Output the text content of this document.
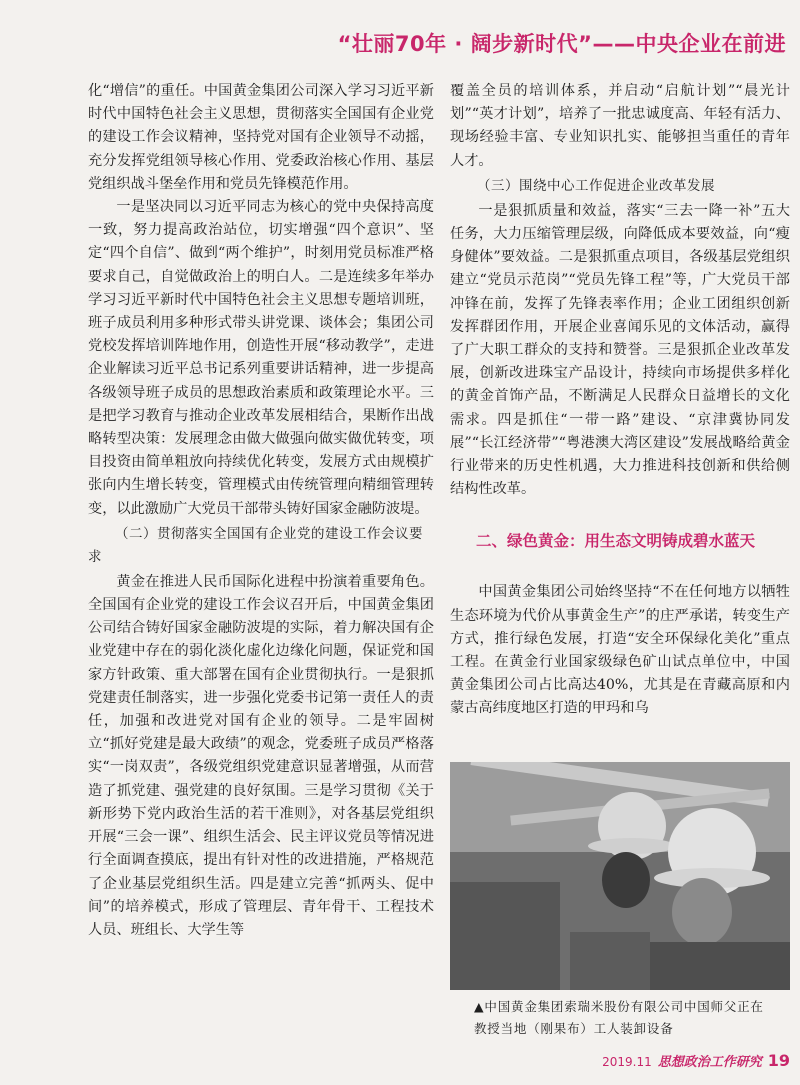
“壮丽70年 · 阔步新时代”——中央企业在前进

化“增信”的重任。中国黄金集团公司深入学习习近平新时代中国特色社会主义思想，贯彻落实全国国有企业党的建设工作会议精神，坚持党对国有企业领导不动摇，充分发挥党组领导核心作用、党委政治核心作用、基层党组织战斗堡垒作用和党员先锋模范作用。

一是坚决同以习近平同志为核心的党中央保持高度一致，努力提高政治站位，切实增强“四个意识”、坚定“四个自信”、做到“两个维护”，时刻用党员标准严格要求自己，自觉做政治上的明白人。二是连续多年举办学习习近平新时代中国特色社会主义思想专题培训班，班子成员利用多种形式带头讲党课、谈体会；集团公司党校发挥培训阵地作用，创造性开展“移动教学”，走进企业解读习近平总书记系列重要讲话精神，进一步提高各级领导班子成员的思想政治素质和政策理论水平。三是把学习教育与推动企业改革发展相结合，果断作出战略转型决策：发展理念由做大做强向做实做优转变，项目投资由简单粗放向持续优化转变，发展方式由规模扩张向内生增长转变，管理模式由传统管理向精细管理转变，以此激励广大党员干部带头铸好国家金融防波堤。

（二）贯彻落实全国国有企业党的建设工作会议要求

黄金在推进人民币国际化进程中扮演着重要角色。全国国有企业党的建设工作会议召开后，中国黄金集团公司结合铸好国家金融防波堤的实际，着力解决国有企业党建中存在的弱化淡化虚化边缘化问题，保证党和国家方针政策、重大部署在国有企业贯彻执行。一是狠抓党建责任制落实，进一步强化党委书记第一责任人的责任，加强和改进党对国有企业的领导。二是牢固树立“抓好党建是最大政绩”的观念，党委班子成员严格落实“一岗双责”，各级党组织党建意识显著增强，从而营造了抓党建、强党建的良好氛围。三是学习贯彻《关于新形势下党内政治生活的若干准则》，对各基层党组织开展“三会一课”、组织生活会、民主评议党员等情况进行全面调查摸底，提出有针对性的改进措施，严格规范了企业基层党组织生活。四是建立完善“抓两头、促中间”的培养模式，形成了管理层、青年骨干、工程技术人员、班组长、大学生等

覆盖全员的培训体系，并启动“启航计划”“晨光计划”“英才计划”，培养了一批忠诚度高、年轻有活力、现场经验丰富、专业知识扎实、能够担当重任的青年人才。

（三）围绕中心工作促进企业改革发展

一是狠抓质量和效益，落实“三去一降一补”五大任务，大力压缩管理层级，向降低成本要效益，向“瘦身健体”要效益。二是狠抓重点项目，各级基层党组织建立“党员示范岗”“党员先锋工程”等，广大党员干部冲锋在前，发挥了先锋表率作用；企业工团组织创新发挥群团作用，开展企业喜闻乐见的文体活动，赢得了广大职工群众的支持和赞誉。三是狠抓企业改革发展，创新改进珠宝产品设计，持续向市场提供多样化的黄金首饰产品，不断满足人民群众日益增长的文化需求。四是抓住“一带一路”建设、“京津冀协同发展”“长江经济带”“粤港澳大湾区建设”发展战略给黄金行业带来的历史性机遇，大力推进科技创新和供给侧结构性改革。

二、绿色黄金：用生态文明铸成碧水蓝天

中国黄金集团公司始终坚持“不在任何地方以牺牲生态环境为代价从事黄金生产”的庄严承诺，转变生产方式，推行绿色发展，打造“安全环保绿化美化”重点工程。在黄金行业国家级绿色矿山试点单位中，中国黄金集团公司占比高达40%，尤其是在青藏高原和内蒙古高纬度地区打造的甲玛和乌

▲中国黄金集团索瑞米股份有限公司中国师父正在教授当地（刚果布）工人装卸设备
2019.11 思想政治工作研究 19
